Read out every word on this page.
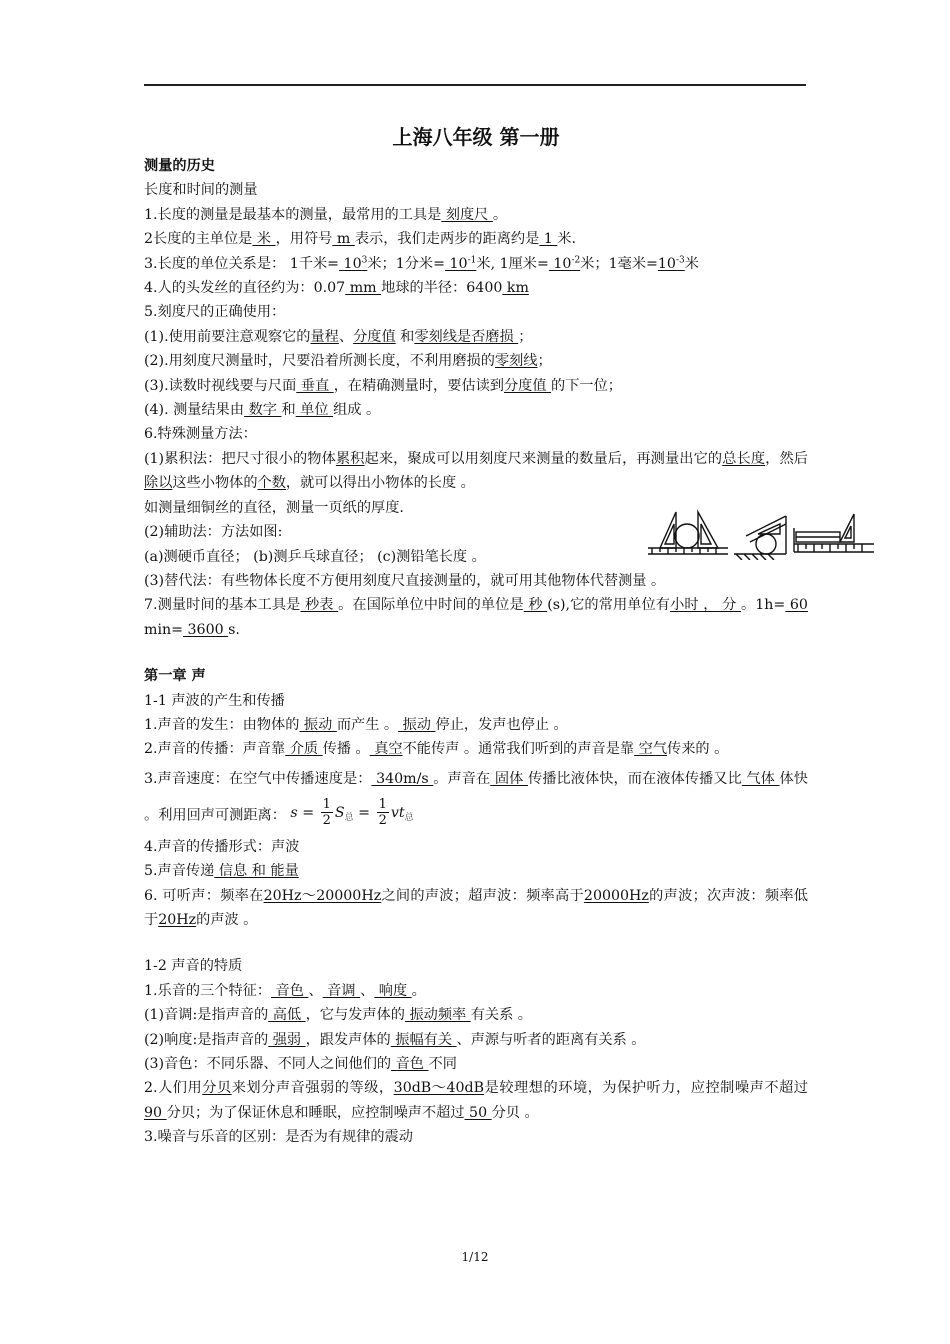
上海八年级 第一册
测量的历史
长度和时间的测量
1.长度的测量是最基本的测量，最常用的工具是 刻度尺 。
2长度的主单位是 米 ，用符号 m 表示，我们走两步的距离约是 1 米.
3.长度的单位关系是： 1千米= $10^3$米；1分米= $10^{-1}$米, 1厘米= $10^{-2}$米；1毫米$=10^{-3}$米
4.人的头发丝的直径约为：0.07 mm 地球的半径：6400 km
5.刻度尺的正确使用：
(1).使用前要注意观察它的量程、分度值 和零刻线是否磨损 ；
(2).用刻度尺测量时，尺要沿着所测长度，不利用磨损的零刻线；
(3).读数时视线要与尺面 垂直 ，在精确测量时，要估读到分度值 的下一位；
(4). 测量结果由 数字 和 单位 组成 。
6.特殊测量方法：
(1)累积法：把尺寸很小的物体累积起来，聚成可以用刻度尺来测量的数量后，再测量出它的总长度，然后除以这些小物体的个数，就可以得出小物体的长度 。
如测量细铜丝的直径，测量一页纸的厚度.
(2)辅助法：方法如图:
(a)测硬币直径； (b)测乒乓球直径； (c)测铅笔长度 。
(3)替代法：有些物体长度不方便用刻度尺直接测量的，就可用其他物体代替测量 。
7.测量时间的基本工具是 秒表 。在国际单位中时间的单位是 秒 (s),它的常用单位有小时 ， 分 。1h= 60 min= 3600 s.
第一章 声
1-1 声波的产生和传播
1.声音的发生：由物体的 振动 而产生 。 振动 停止，发声也停止 。
2.声音的传播：声音靠 介质 传播 。 真空不能传声 。通常我们听到的声音是靠 空气传来的 。
3.声音速度：在空气中传播速度是： 340m/s 。声音在 固体 传播比液体快，而在液体传播又比 气体 体快 。利用回声可测距离： $s = \frac{1}{2} S_总 = \frac{1}{2} vt_总$
4.声音的传播形式：声波
5.声音传递 信息 和 能量
6. 可听声：频率在20Hz～20000Hz之间的声波；超声波：频率高于20000Hz的声波；次声波：频率低于20Hz的声波 。
1-2 声音的特质
1.乐音的三个特征： 音色 、 音调 、 响度 。
(1)音调:是指声音的 高低 ，它与发声体的 振动频率 有关系 。
(2)响度:是指声音的 强弱 ，跟发声体的 振幅有关 、声源与听者的距离有关系 。
(3)音色：不同乐器、不同人之间他们的 音色 不同
2.人们用分贝来划分声音强弱的等级，30dB～40dB是较理想的环境，为保护听力，应控制噪声不超过 90 分贝；为了保证休息和睡眠，应控制噪声不超过 50 分贝 。
3.噪音与乐音的区别：是否为有规律的震动
1/12
